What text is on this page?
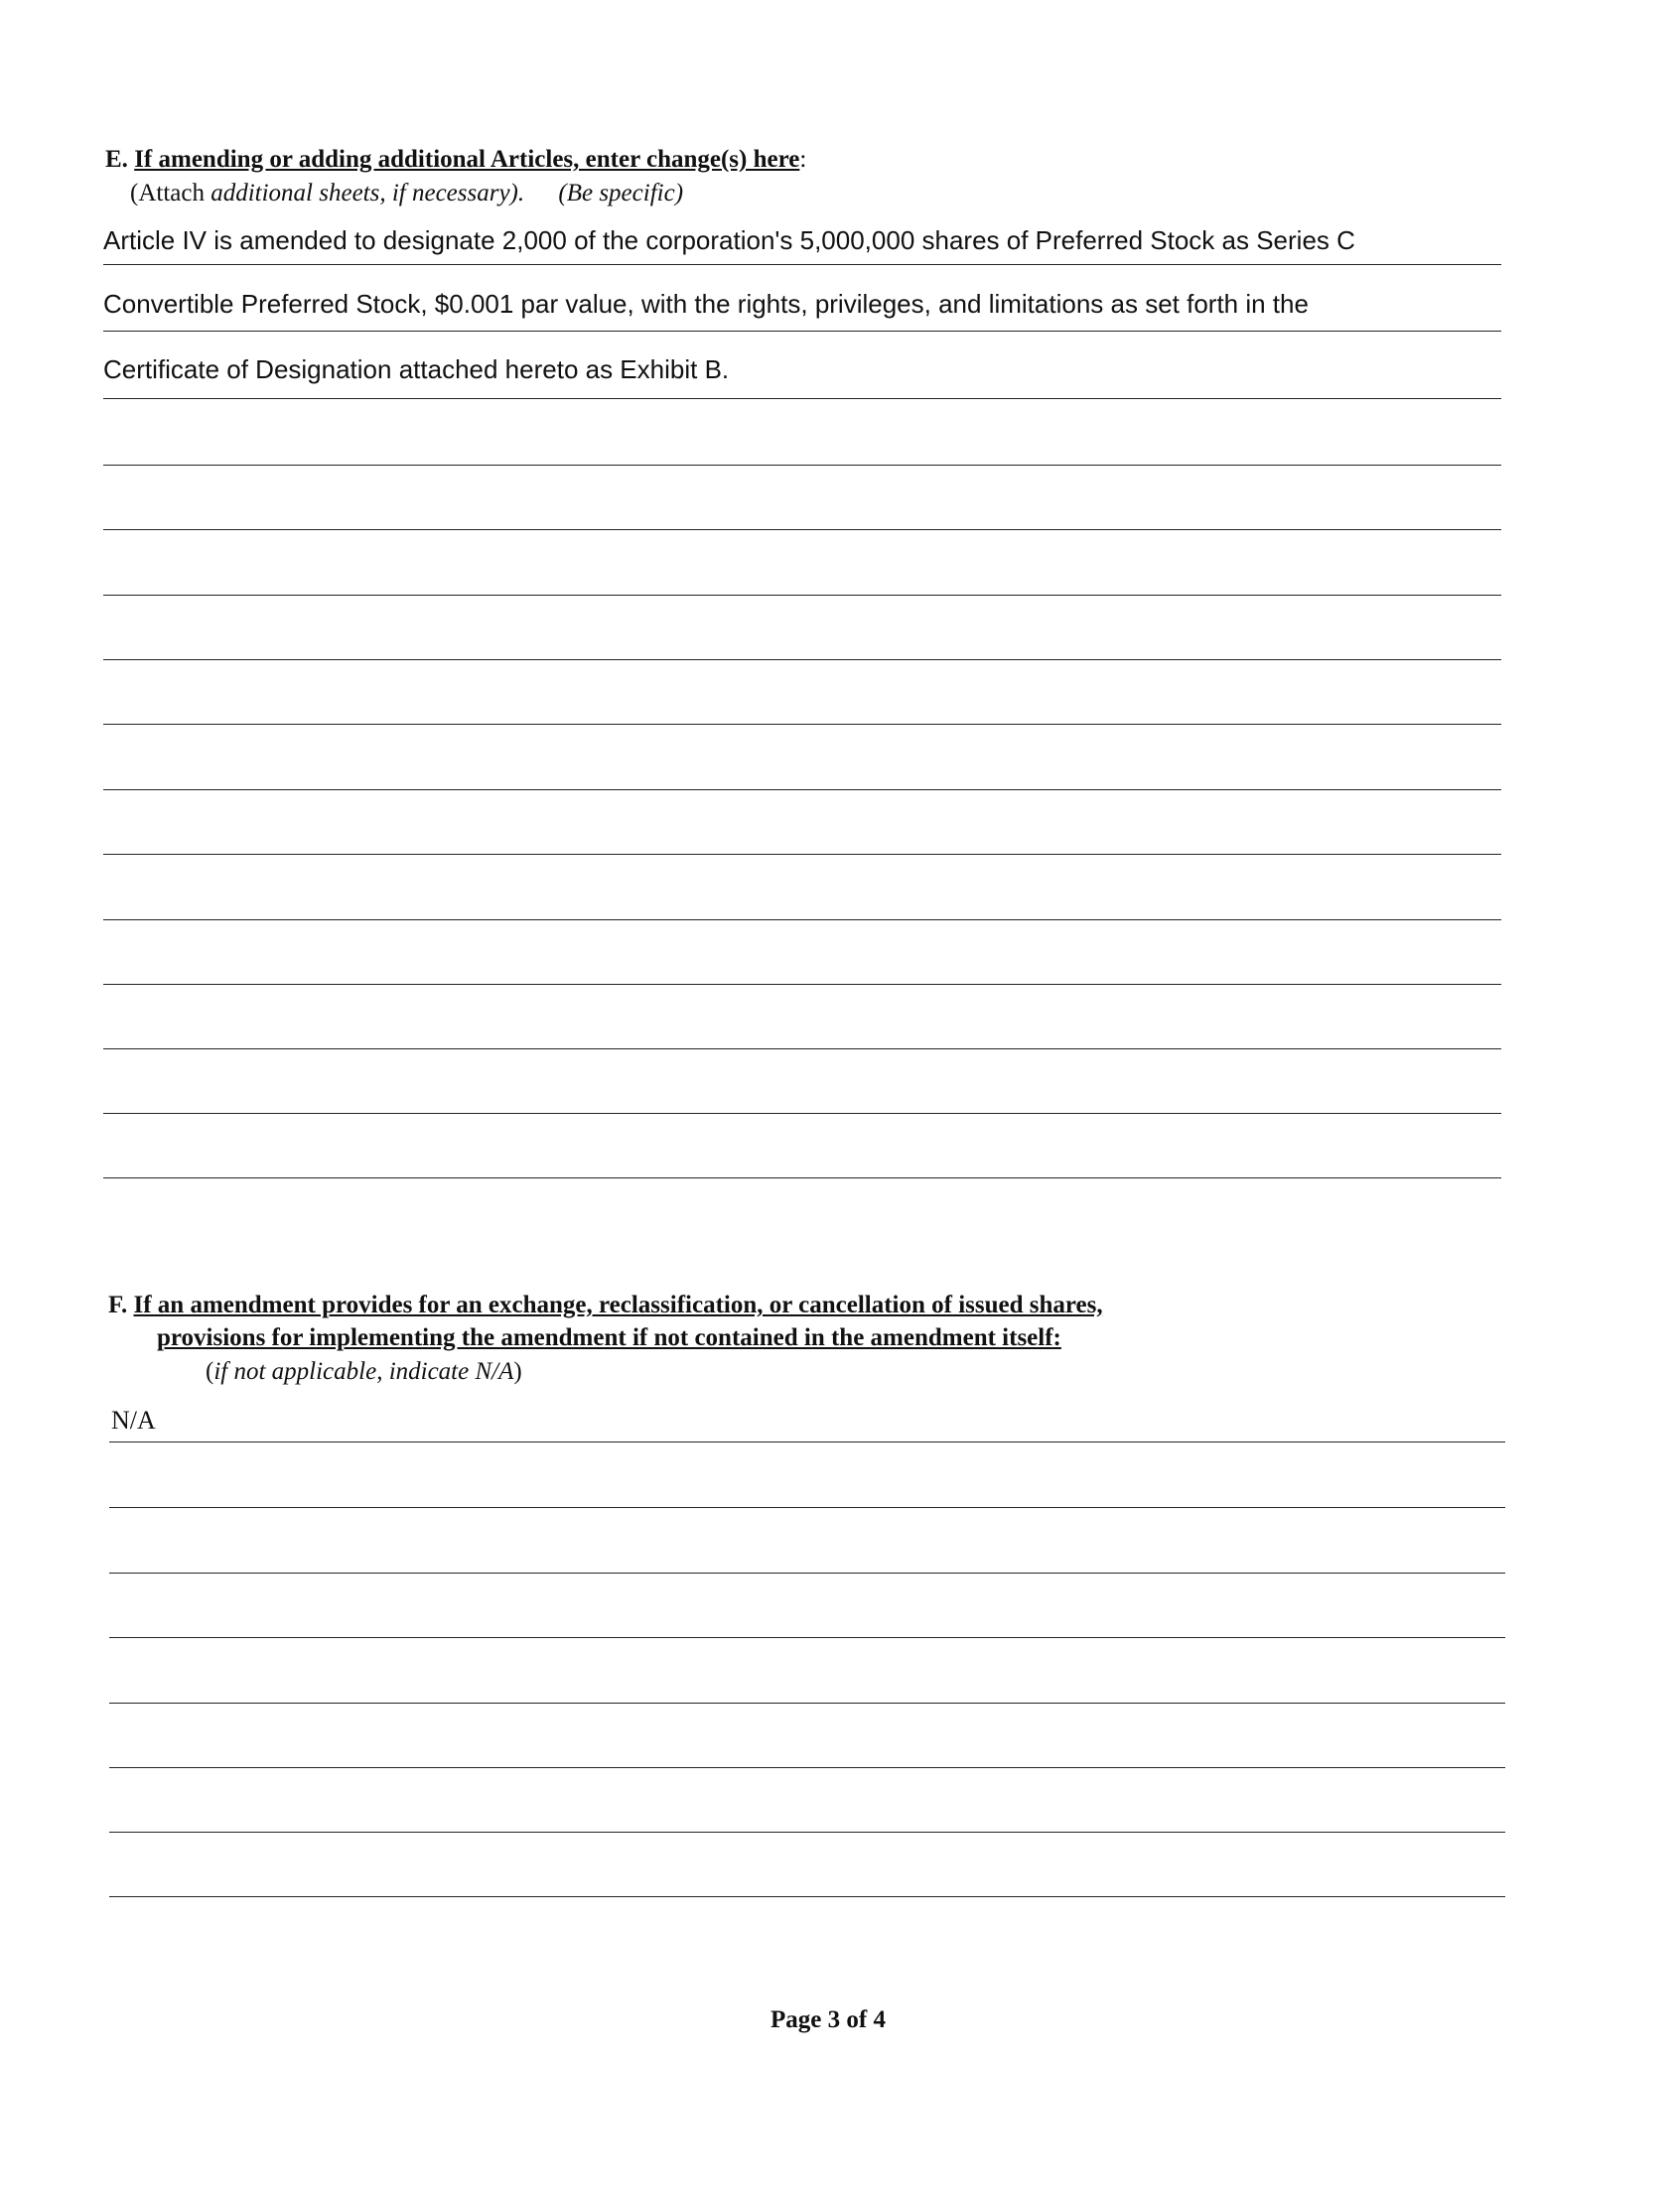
E. If amending or adding additional Articles, enter change(s) here:
(Attach additional sheets, if necessary). (Be specific)
Article IV is amended to designate 2,000 of the corporation's 5,000,000 shares of Preferred Stock as Series C
Convertible Preferred Stock, $0.001 par value, with the rights, privileges, and limitations as set forth in the
Certificate of Designation attached hereto as Exhibit B.
F. If an amendment provides for an exchange, reclassification, or cancellation of issued shares,
provisions for implementing the amendment if not contained in the amendment itself:
(if not applicable, indicate N/A)
N/A
Page 3 of 4
